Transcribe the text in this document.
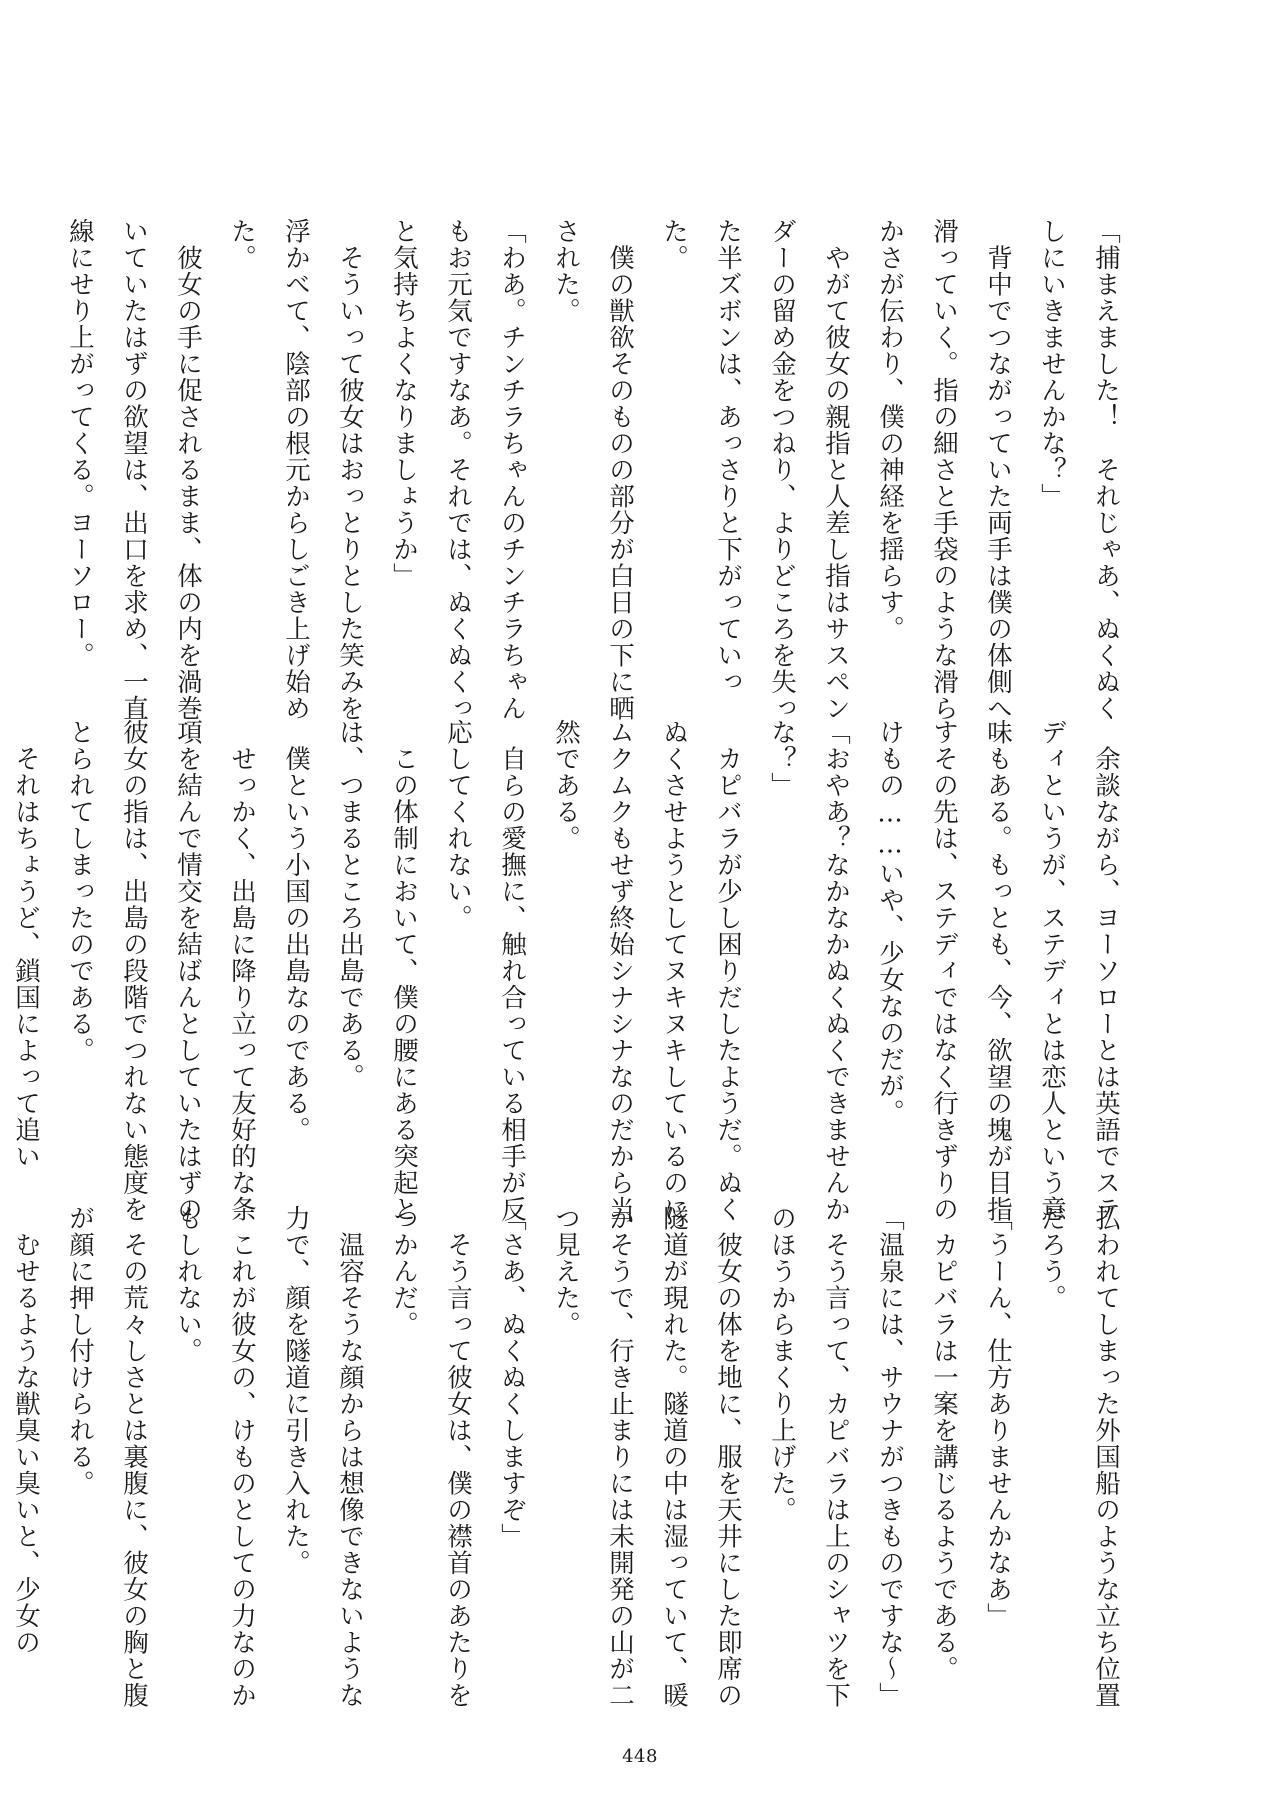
「捕まえました！　それじゃあ、ぬくぬくしにいきませんかな？」

　背中でつながっていた両手は僕の体側へ滑っていく。指の細さと手袋のような滑らかさが伝わり、僕の神経を揺らす。

　やがて彼女の親指と人差し指はサスペンダーの留め金をつねり、よりどころを失った半ズボンは、あっさりと下がっていった。

　僕の獣欲そのものの部分が白日の下に晒された。

「わあ。チンチラちゃんのチンチラちゃんもお元気ですなあ。それでは、ぬくぬくっと気持ちよくなりましょうか」

　そういって彼女はおっとりとした笑みを浮かべて、陰部の根元からしごき上げ始めた。

　彼女の手に促されるまま、体の内を渦巻いていたはずの欲望は、出口を求め、一直線にせり上がってくる。ヨーソロー。

　余談ながら、ヨーソローとは英語でステディというが、ステディとは恋人という意味もある。もっとも、今、欲望の塊が目指すその先は、ステディではなく行きずりのけもの……いや、少女なのだが。

「おやあ？なかなかぬくぬくできませんかな？」

　カピバラが少し困りだしたようだ。ぬくぬくさせようとしてヌキヌキしているのにムクムクもせず終始シナシナなのだから当然である。

　自らの愛撫に、触れ合っている相手が反応してくれない。

　この体制において、僕の腰にある突起とは、つまるところ出島である。

　僕という小国の出島なのである。

　せっかく、出島に降り立って友好的な条項を結んで情交を結ばんとしていたはずの彼女の指は、出島の段階でつれない態度をとられてしまったのである。

　それはちょうど、鎖国によって追い

払われてしまった外国船のような立ち位置だろう。

「うーん、仕方ありませんかなあ」

　カピバラは一案を講じるようである。

「温泉には、サウナがつきものですな～」

　そう言って、カピバラは上のシャツを下のほうからまくり上げた。

　彼女の体を地に、服を天井にした即席の隧道が現れた。隧道の中は湿っていて、暖かそうで、行き止まりには未開発の山が二つ見えた。

「さあ、ぬくぬくしますぞ」

　そう言って彼女は、僕の襟首のあたりをつかんだ。

　温容そうな顔からは想像できないような力で、顔を隧道に引き入れた。

　これが彼女の、けものとしての力なのかもしれない。

　その荒々しさとは裏腹に、彼女の胸と腹が顔に押し付けられる。

　むせるような獣臭い臭いと、少女の

448
